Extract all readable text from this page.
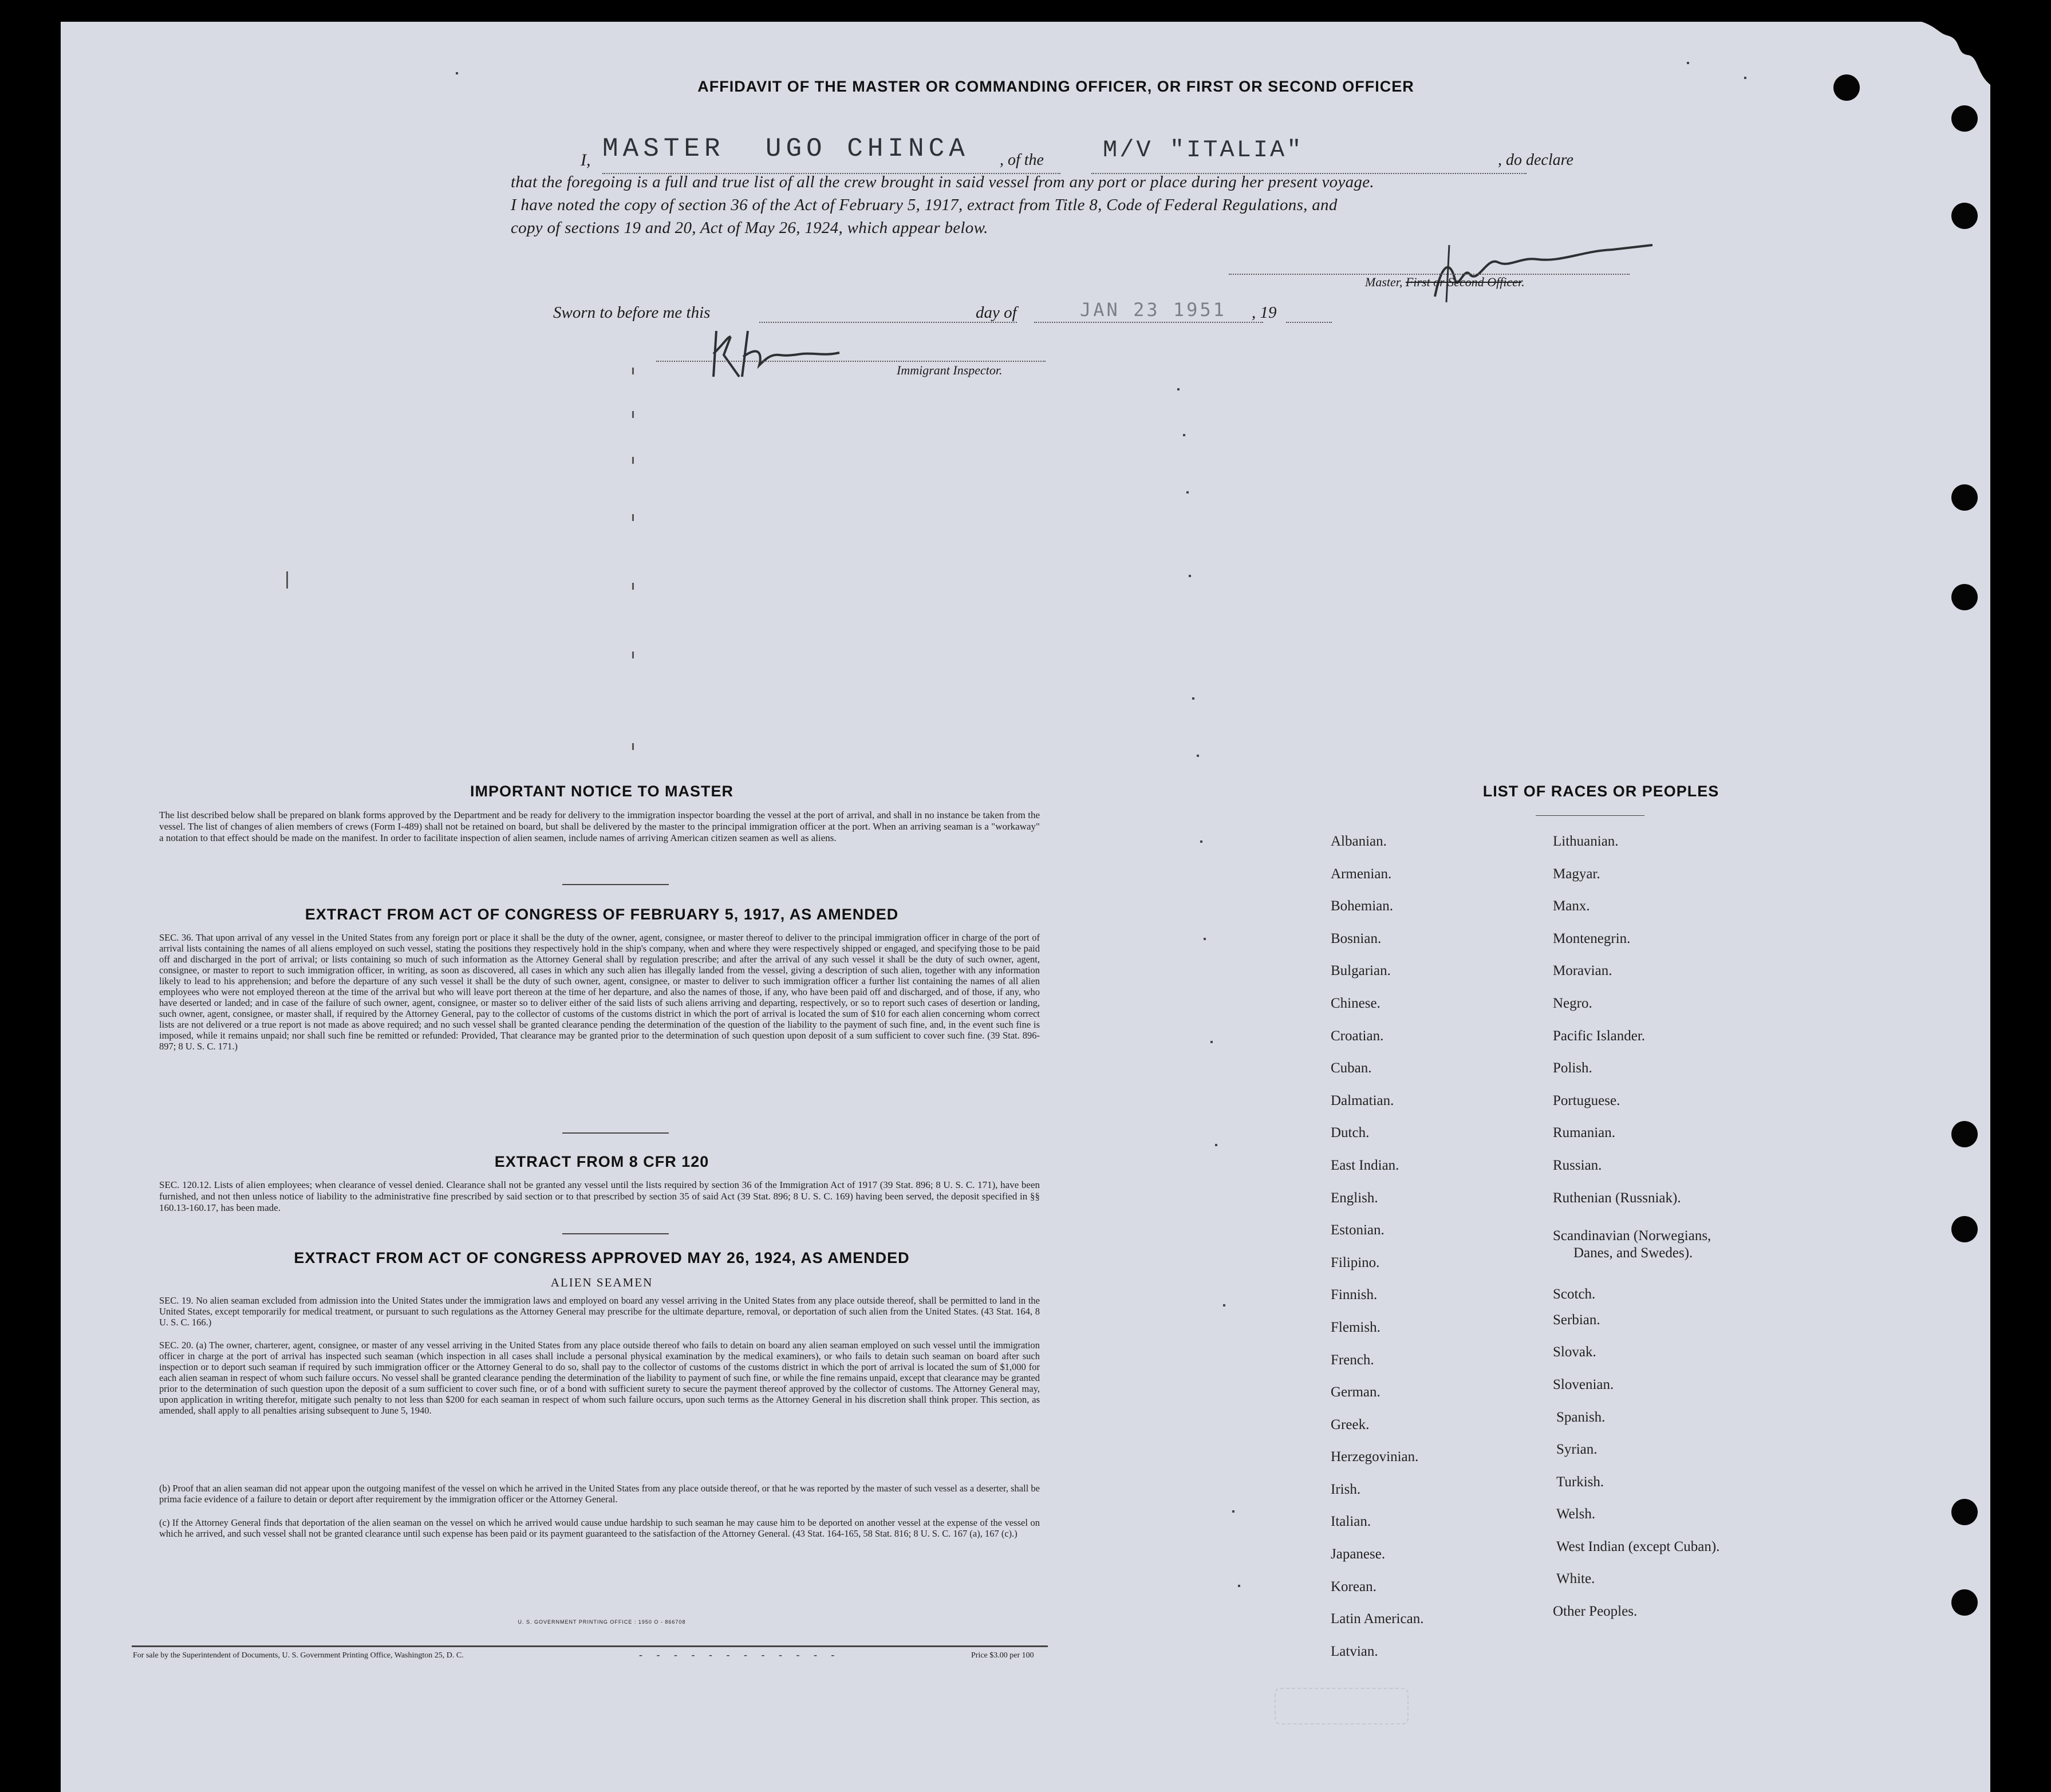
AFFIDAVIT OF THE MASTER OR COMMANDING OFFICER, OR FIRST OR SECOND OFFICER
I, MASTER  UGO CHINCA , of the M/V "ITALIA"	, do declare
that the foregoing is a full and true list of all the crew brought in said vessel from any port or place during her present voyage.
I have noted the copy of section 36 of the Act of February 5, 1917, extract from Title 8, Code of Federal Regulations, and
copy of sections 19 and 20, Act of May 26, 1924, which appear below.
Master, First or Second Officer.
Sworn to before me this	day of	JAN 23 1951 , 19
Immigrant Inspector.
IMPORTANT NOTICE TO MASTER
The list described below shall be prepared on blank forms approved by the Department and be ready for delivery to the immigration inspector boarding the vessel at the port of arrival, and shall in no instance be taken from the vessel. The list of changes of alien members of crews (Form I-489) shall not be retained on board, but shall be delivered by the master to the principal immigration officer at the port. When an arriving seaman is a "workaway" a notation to that effect should be made on the manifest. In order to facilitate inspection of alien seamen, include names of arriving American citizen seamen as well as aliens.
EXTRACT FROM ACT OF CONGRESS OF FEBRUARY 5, 1917, AS AMENDED
SEC. 36. That upon arrival of any vessel in the United States from any foreign port or place it shall be the duty of the owner, agent, consignee, or master thereof to deliver to the principal immigration officer in charge of the port of arrival lists containing the names of all aliens employed on such vessel, stating the positions they respectively hold in the ship's company, when and where they were respectively shipped or engaged, and specifying those to be paid off and discharged in the port of arrival; or lists containing so much of such information as the Attorney General shall by regulation prescribe; and after the arrival of any such vessel it shall be the duty of such owner, agent, consignee, or master to report to such immigration officer, in writing, as soon as discovered, all cases in which any such alien has illegally landed from the vessel, giving a description of such alien, together with any information likely to lead to his apprehension; and before the departure of any such vessel it shall be the duty of such owner, agent, consignee, or master to deliver to such immigration officer a further list containing the names of all alien employees who were not employed thereon at the time of the arrival but who will leave port thereon at the time of her departure, and also the names of those, if any, who have been paid off and discharged, and of those, if any, who have deserted or landed; and in case of the failure of such owner, agent, consignee, or master so to deliver either of the said lists of such aliens arriving and departing, respectively, or so to report such cases of desertion or landing, such owner, agent, consignee, or master shall, if required by the Attorney General, pay to the collector of customs of the customs district in which the port of arrival is located the sum of $10 for each alien concerning whom correct lists are not delivered or a true report is not made as above required; and no such vessel shall be granted clearance pending the determination of the question of the liability to the payment of such fine, and, in the event such fine is imposed, while it remains unpaid; nor shall such fine be remitted or refunded: Provided, That clearance may be granted prior to the determination of such question upon deposit of a sum sufficient to cover such fine. (39 Stat. 896-897; 8 U. S. C. 171.)
EXTRACT FROM 8 CFR 120
SEC. 120.12. Lists of alien employees; when clearance of vessel denied. Clearance shall not be granted any vessel until the lists required by section 36 of the Immigration Act of 1917 (39 Stat. 896; 8 U. S. C. 171), have been furnished, and not then unless notice of liability to the administrative fine prescribed by said section or to that prescribed by section 35 of said Act (39 Stat. 896; 8 U. S. C. 169) having been served, the deposit specified in §§ 160.13-160.17, has been made.
EXTRACT FROM ACT OF CONGRESS APPROVED MAY 26, 1924, AS AMENDED
ALIEN SEAMEN
SEC. 19. No alien seaman excluded from admission into the United States under the immigration laws and employed on board any vessel arriving in the United States from any place outside thereof, shall be permitted to land in the United States, except temporarily for medical treatment, or pursuant to such regulations as the Attorney General may prescribe for the ultimate departure, removal, or deportation of such alien from the United States. (43 Stat. 164, 8 U. S. C. 166.)
SEC. 20. (a) The owner, charterer, agent, consignee, or master of any vessel arriving in the United States from any place outside thereof who fails to detain on board any alien seaman employed on such vessel until the immigration officer in charge at the port of arrival has inspected such seaman (which inspection in all cases shall include a personal physical examination by the medical examiners), or who fails to detain such seaman on board after such inspection or to deport such seaman if required by such immigration officer or the Attorney General to do so, shall pay to the collector of customs of the customs district in which the port of arrival is located the sum of $1,000 for each alien seaman in respect of whom such failure occurs. No vessel shall be granted clearance pending the determination of the liability to payment of such fine, or while the fine remains unpaid, except that clearance may be granted prior to the determination of such question upon the deposit of a sum sufficient to cover such fine, or of a bond with sufficient surety to secure the payment thereof approved by the collector of customs. The Attorney General may, upon application in writing therefor, mitigate such penalty to not less than $200 for each seaman in respect of whom such failure occurs, upon such terms as the Attorney General in his discretion shall think proper. This section, as amended, shall apply to all penalties arising subsequent to June 5, 1940.
(b) Proof that an alien seaman did not appear upon the outgoing manifest of the vessel on which he arrived in the United States from any place outside thereof, or that he was reported by the master of such vessel as a deserter, shall be prima facie evidence of a failure to detain or deport after requirement by the immigration officer or the Attorney General.
(c) If the Attorney General finds that deportation of the alien seaman on the vessel on which he arrived would cause undue hardship to such seaman he may cause him to be deported on another vessel at the expense of the vessel on which he arrived, and such vessel shall not be granted clearance until such expense has been paid or its payment guaranteed to the satisfaction of the Attorney General. (43 Stat. 164-165, 58 Stat. 816; 8 U. S. C. 167 (a), 167 (c).)
U. S. GOVERNMENT PRINTING OFFICE : 1950 O - 866708
For sale by the Superintendent of Documents, U. S. Government Printing Office, Washington 25, D. C.	- - - - - - - - - - - -	Price $3.00 per 100
LIST OF RACES OR PEOPLES
Albanian.
Armenian.
Bohemian.
Bosnian.
Bulgarian.
Chinese.
Croatian.
Cuban.
Dalmatian.
Dutch.
East Indian.
English.
Estonian.
Filipino.
Finnish.
Flemish.
French.
German.
Greek.
Herzegovinian.
Irish.
Italian.
Japanese.
Korean.
Latin American.
Latvian.
Lithuanian.
Magyar.
Manx.
Montenegrin.
Moravian.
Negro.
Pacific Islander.
Polish.
Portuguese.
Rumanian.
Russian.
Ruthenian (Russniak).
Scandinavian (Norwegians,
Danes, and Swedes).
Scotch.
Serbian.
Slovak.
Slovenian.
Spanish.
Syrian.
Turkish.
Welsh.
West Indian (except Cuban).
White.
Other Peoples.
